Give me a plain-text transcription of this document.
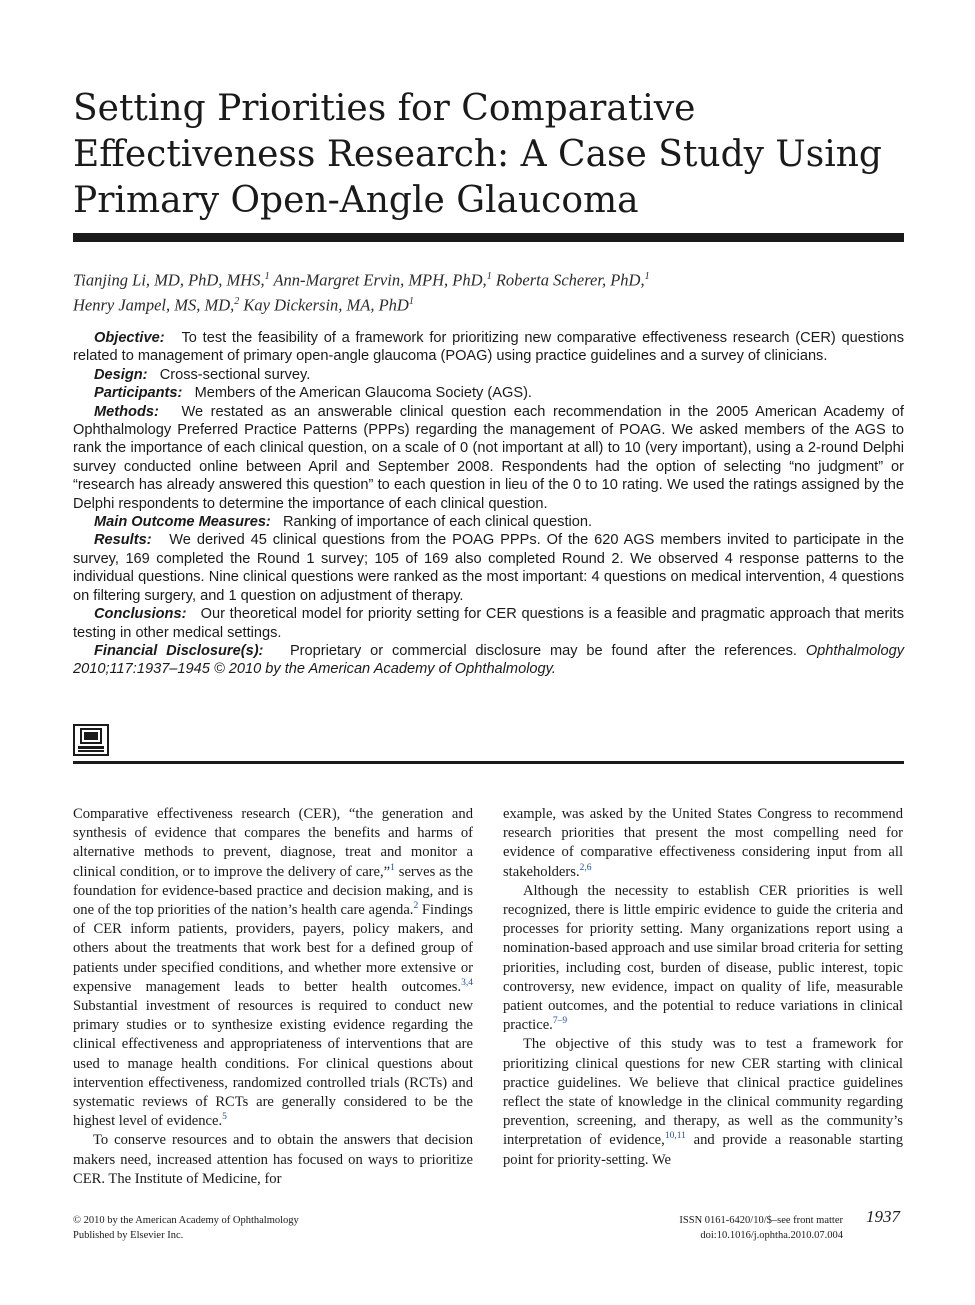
Setting Priorities for Comparative Effectiveness Research: A Case Study Using Primary Open-Angle Glaucoma
Tianjing Li, MD, PhD, MHS,$^1$ Ann-Margret Ervin, MPH, PhD,$^1$ Roberta Scherer, PhD,$^1$
Henry Jampel, MS, MD,$^2$ Kay Dickersin, MA, PhD$^1$

Objective: To test the feasibility of a framework for prioritizing new comparative effectiveness research (CER) questions related to management of primary open-angle glaucoma (POAG) using practice guidelines and a survey of clinicians.

Design: Cross-sectional survey.

Participants: Members of the American Glaucoma Society (AGS).

Methods: We restated as an answerable clinical question each recommendation in the 2005 American Academy of Ophthalmology Preferred Practice Patterns (PPPs) regarding the management of POAG. We asked members of the AGS to rank the importance of each clinical question, on a scale of 0 (not important at all) to 10 (very important), using a 2-round Delphi survey conducted online between April and September 2008. Respondents had the option of selecting “no judgment” or “research has already answered this question” to each question in lieu of the 0 to 10 rating. We used the ratings assigned by the Delphi respondents to determine the importance of each clinical question.

Main Outcome Measures: Ranking of importance of each clinical question.

Results: We derived 45 clinical questions from the POAG PPPs. Of the 620 AGS members invited to participate in the survey, 169 completed the Round 1 survey; 105 of 169 also completed Round 2. We observed 4 response patterns to the individual questions. Nine clinical questions were ranked as the most important: 4 questions on medical intervention, 4 questions on filtering surgery, and 1 question on adjustment of therapy.

Conclusions: Our theoretical model for priority setting for CER questions is a feasible and pragmatic approach that merits testing in other medical settings.

Financial Disclosure(s): Proprietary or commercial disclosure may be found after the references. Ophthalmology 2010;117:1937–1945 © 2010 by the American Academy of Ophthalmology.

Comparative effectiveness research (CER), “the generation and synthesis of evidence that compares the benefits and harms of alternative methods to prevent, diagnose, treat and monitor a clinical condition, or to improve the delivery of care,”$^1$ serves as the foundation for evidence-based practice and decision making, and is one of the top priorities of the nation’s health care agenda.$^2$ Findings of CER inform patients, providers, payers, policy makers, and others about the treatments that work best for a defined group of patients under specified conditions, and whether more extensive or expensive management leads to better health outcomes.$^{3,4}$ Substantial investment of resources is required to conduct new primary studies or to synthesize existing evidence regarding the clinical effectiveness and appropriateness of interventions that are used to manage health conditions. For clinical questions about intervention effectiveness, randomized controlled trials (RCTs) and systematic reviews of RCTs are generally considered to be the highest level of evidence.$^5$

To conserve resources and to obtain the answers that decision makers need, increased attention has focused on ways to prioritize CER. The Institute of Medicine, for

example, was asked by the United States Congress to recommend research priorities that present the most compelling need for evidence of comparative effectiveness considering input from all stakeholders.$^{2,6}$

Although the necessity to establish CER priorities is well recognized, there is little empiric evidence to guide the criteria and processes for priority setting. Many organizations report using a nomination-based approach and use similar broad criteria for setting priorities, including cost, burden of disease, public interest, topic controversy, new evidence, impact on quality of life, measurable patient outcomes, and the potential to reduce variations in clinical practice.$^{7-9}$

The objective of this study was to test a framework for prioritizing clinical questions for new CER starting with clinical practice guidelines. We believe that clinical practice guidelines reflect the state of knowledge in the clinical community regarding prevention, screening, and therapy, as well as the community’s interpretation of evidence,$^{10,11}$ and provide a reasonable starting point for priority-setting. We

© 2010 by the American Academy of Ophthalmology
Published by Elsevier Inc.
ISSN 0161-6420/10/$–see front matter
doi:10.1016/j.ophtha.2010.07.004
1937
